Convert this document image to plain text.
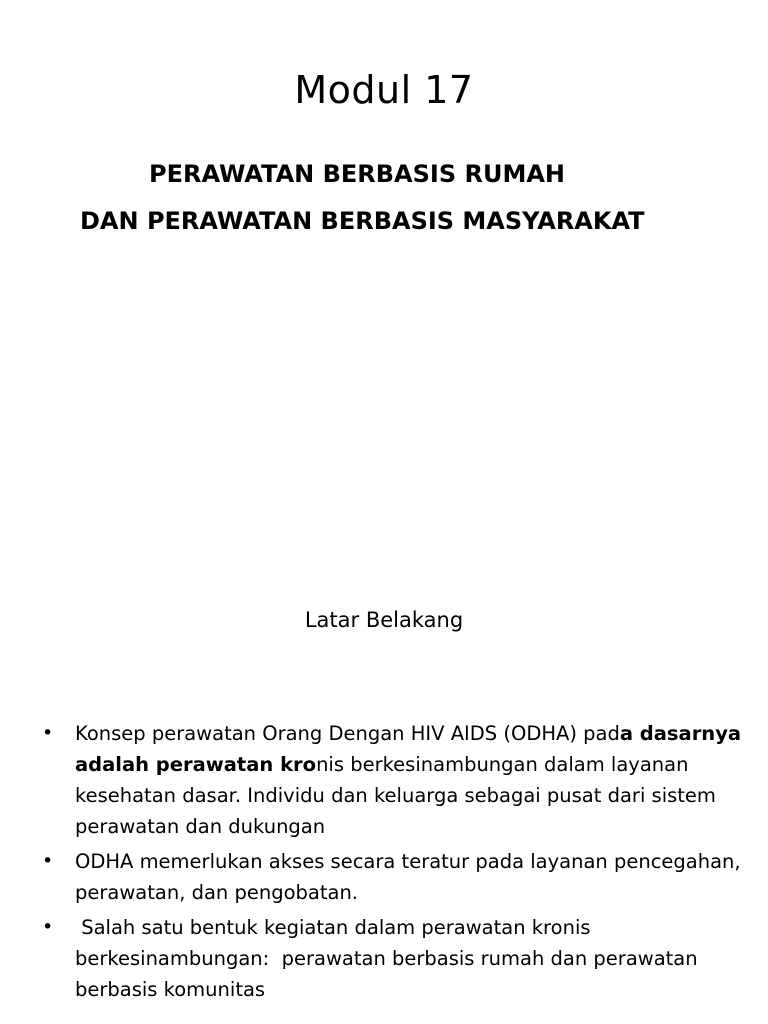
Modul 17
PERAWATAN BERBASIS RUMAH
DAN PERAWATAN BERBASIS MASYARAKAT
Latar Belakang
• Konsep perawatan Orang Dengan HIV AIDS (ODHA) pada dasarnya adalah perawatan kronis berkesinambungan dalam layanan kesehatan dasar. Individu dan keluarga sebagai pusat dari sistem perawatan dan dukungan
• ODHA memerlukan akses secara teratur pada layanan pencegahan, perawatan, dan pengobatan.
• Salah satu bentuk kegiatan dalam perawatan kronis berkesinambungan:  perawatan berbasis rumah dan perawatan berbasis komunitas
